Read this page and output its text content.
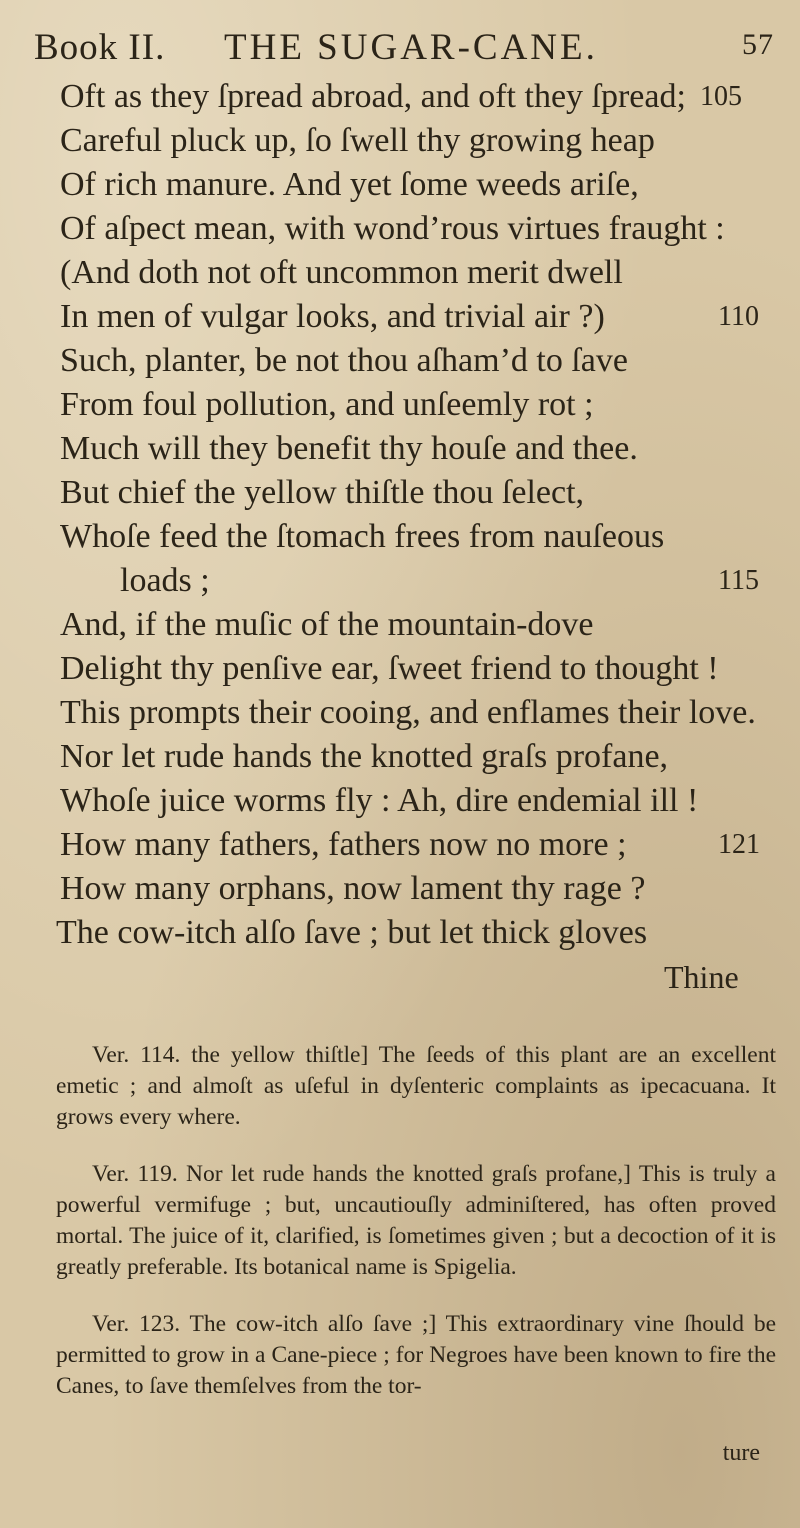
Book II. THE SUGAR-CANE.	57
Oft as they ſpread abroad, and oft they ſpread; 105
Careful pluck up, ſo ſwell thy growing heap
Of rich manure. And yet ſome weeds ariſe,
Of aſpect mean, with wond’rous virtues fraught :
(And doth not oft uncommon merit dwell
In men of vulgar looks, and trivial air ?)	110
Such, planter, be not thou aſham’d to ſave
From foul pollution, and unſeemly rot ;
Much will they benefit thy houſe and thee.
But chief the yellow thiſtle thou ſelect,
Whoſe feed the ſtomach frees from nauſeous
loads ;	115
And, if the muſic of the mountain-dove
Delight thy penſive ear, ſweet friend to thought !
This prompts their cooing, and enflames their love.
Nor let rude hands the knotted graſs profane,
Whoſe juice worms fly : Ah, dire endemial ill !
How many fathers, fathers now no more ;	121
How many orphans, now lament thy rage ?
The cow-itch alſo ſave ; but let thick gloves
Thine

Ver. 114. the yellow thiſtle] The ſeeds of this plant are an excellent emetic ; and almoſt as uſeful in dyſenteric complaints as ipecacuana. It grows every where.

Ver. 119. Nor let rude hands the knotted graſs profane,] This is truly a powerful vermifuge ; but, uncautiouſly adminiſtered, has often proved mortal. The juice of it, clarified, is ſometimes given ; but a decoction of it is greatly preferable. Its botanical name is Spigelia.

Ver. 123. The cow-itch alſo ſave ;] This extraordinary vine ſhould be permitted to grow in a Cane-piece ; for Negroes have been known to fire the Canes, to ſave themſelves from the tor-

ture
